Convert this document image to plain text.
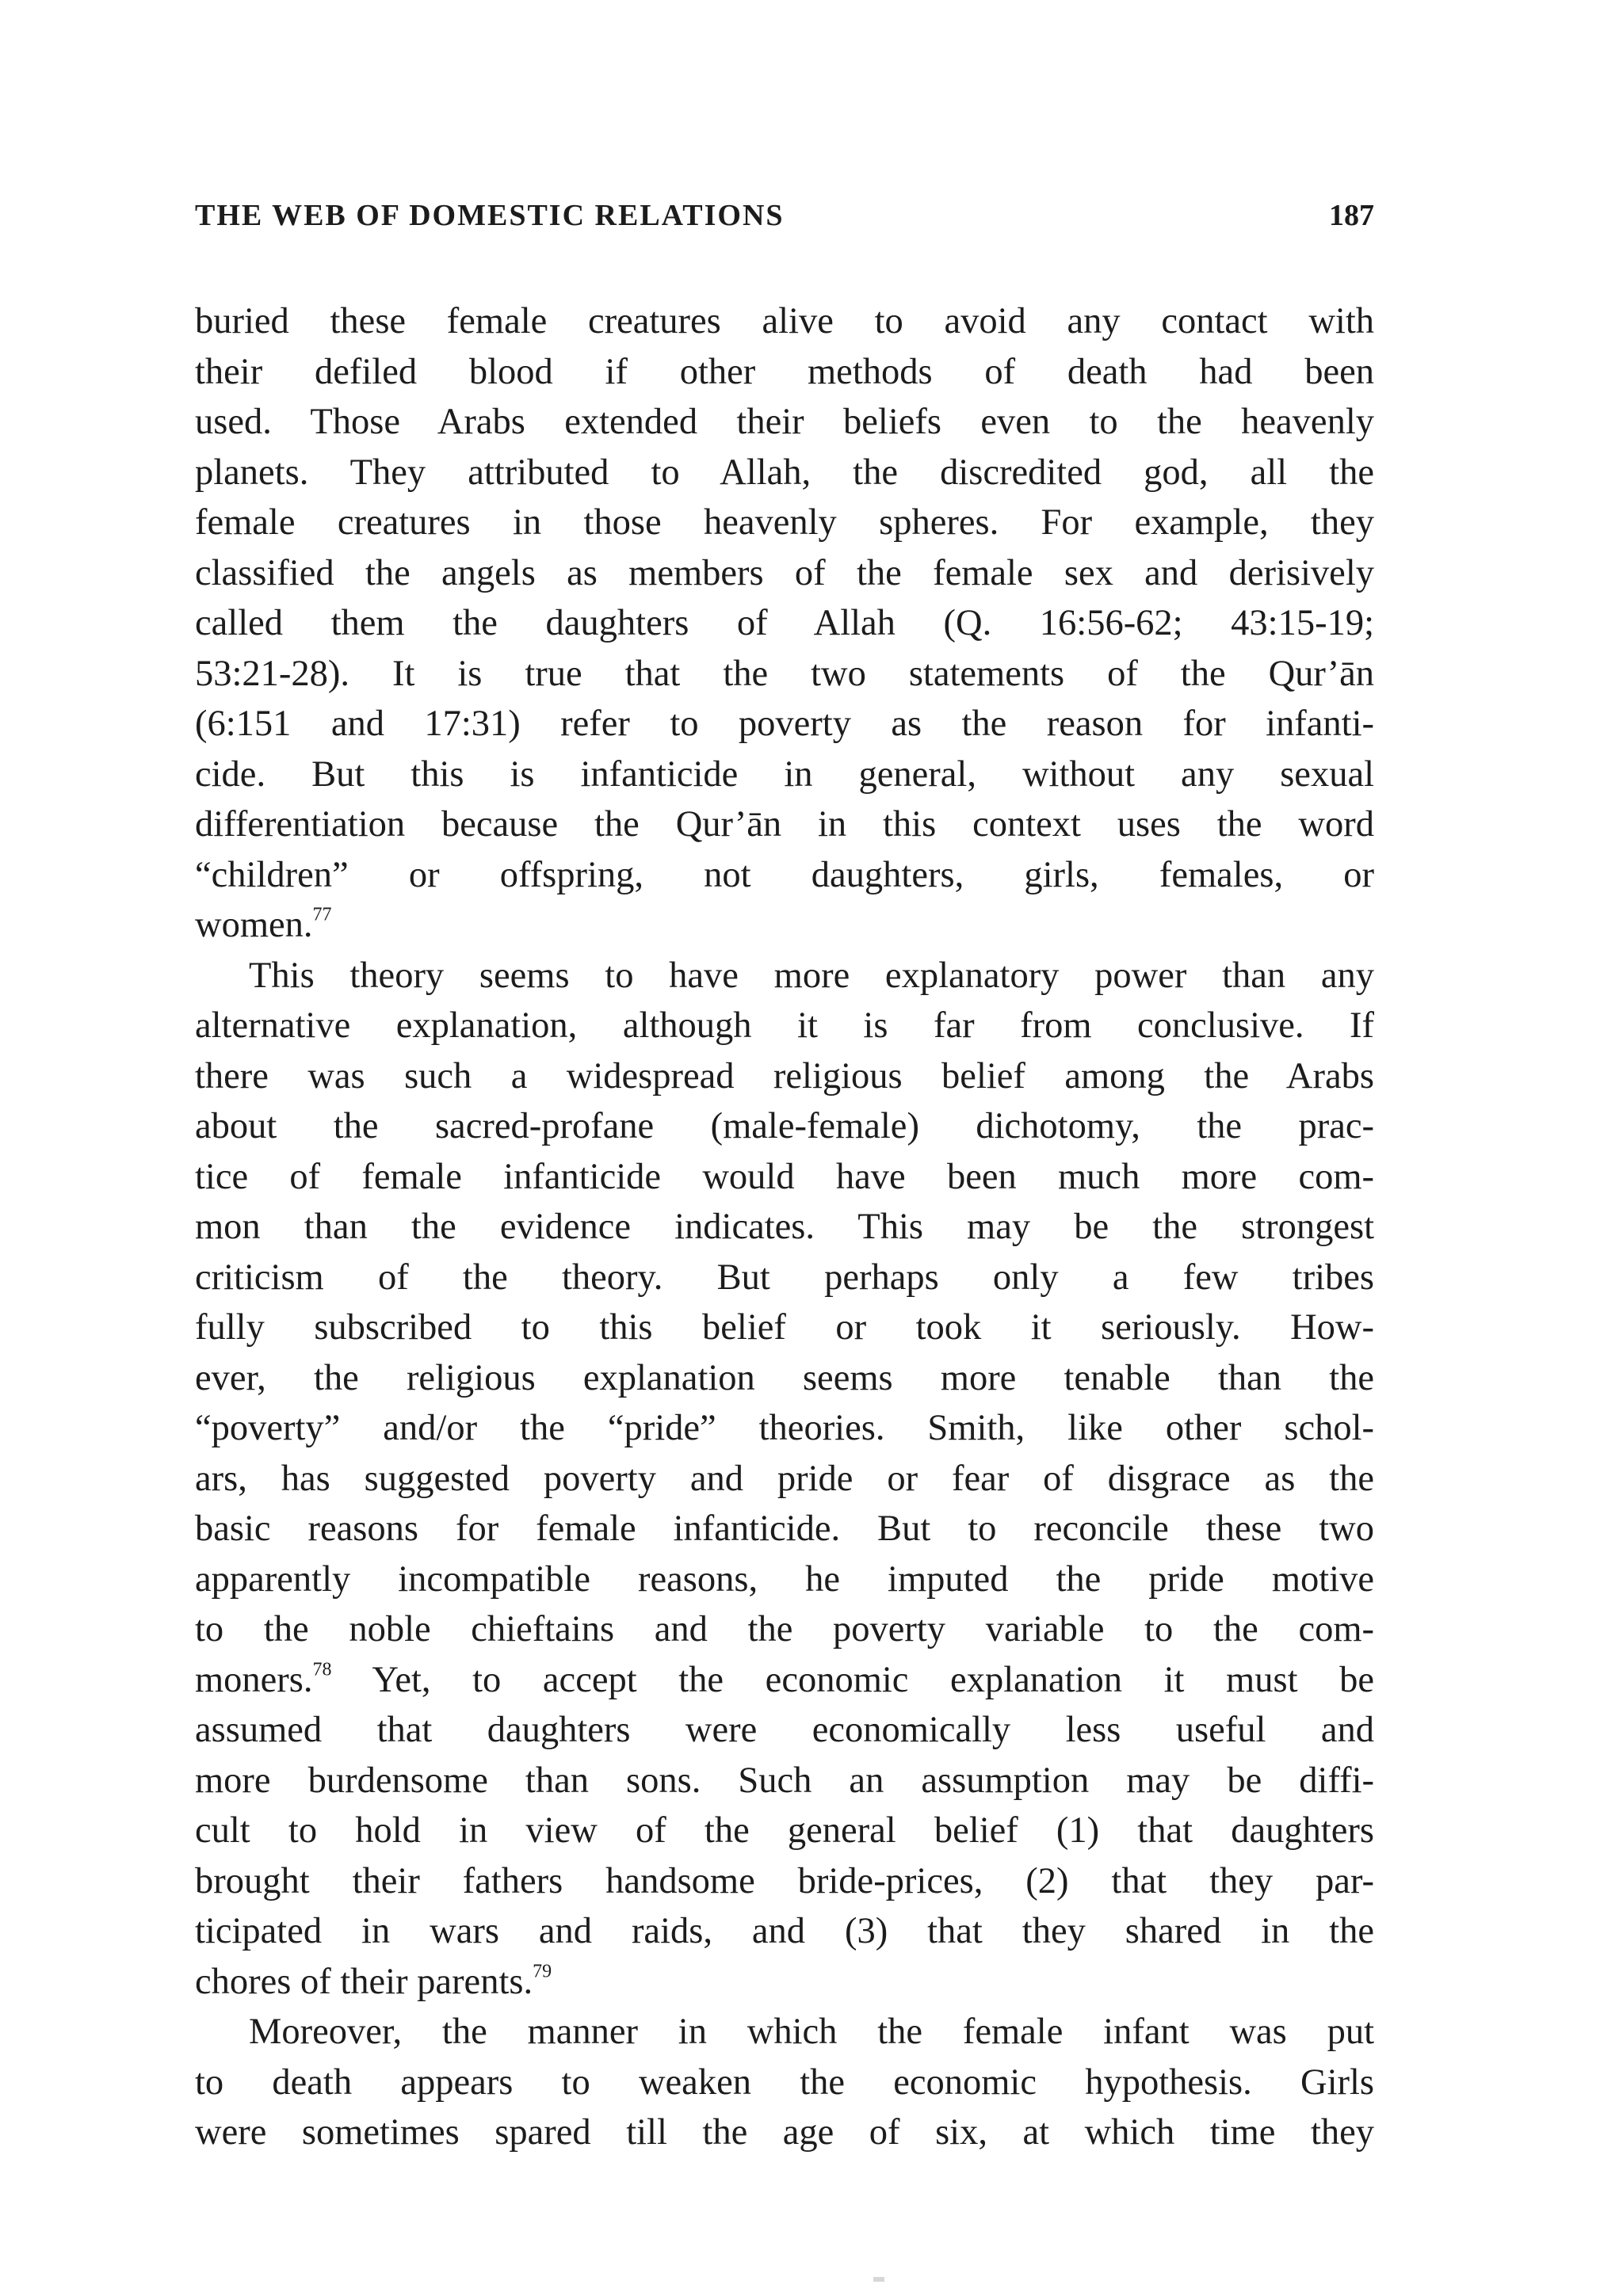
THE WEB OF DOMESTIC RELATIONS	187

buried these female creatures alive to avoid any contact with
their defiled blood if other methods of death had been
used. Those Arabs extended their beliefs even to the heavenly
planets. They attributed to Allah, the discredited god, all the
female creatures in those heavenly spheres. For example, they
classified the angels as members of the female sex and derisively
called them the daughters of Allah (Q. 16:56-62; 43:15-19;
53:21-28). It is true that the two statements of the Qur’ān
(6:151 and 17:31) refer to poverty as the reason for infanti-
cide. But this is infanticide in general, without any sexual
differentiation because the Qur’ān in this context uses the word
“children” or offspring, not daughters, girls, females, or
women.$^{77}$

This theory seems to have more explanatory power than any
alternative explanation, although it is far from conclusive. If
there was such a widespread religious belief among the Arabs
about the sacred-profane (male-female) dichotomy, the prac-
tice of female infanticide would have been much more com-
mon than the evidence indicates. This may be the strongest
criticism of the theory. But perhaps only a few tribes
fully subscribed to this belief or took it seriously. How-
ever, the religious explanation seems more tenable than the
“poverty” and/or the “pride” theories. Smith, like other schol-
ars, has suggested poverty and pride or fear of disgrace as the
basic reasons for female infanticide. But to reconcile these two
apparently incompatible reasons, he imputed the pride motive
to the noble chieftains and the poverty variable to the com-
moners.$^{78}$ Yet, to accept the economic explanation it must be
assumed that daughters were economically less useful and
more burdensome than sons. Such an assumption may be diffi-
cult to hold in view of the general belief (1) that daughters
brought their fathers handsome bride-prices, (2) that they par-
ticipated in wars and raids, and (3) that they shared in the
chores of their parents.$^{79}$

Moreover, the manner in which the female infant was put
to death appears to weaken the economic hypothesis. Girls
were sometimes spared till the age of six, at which time they
